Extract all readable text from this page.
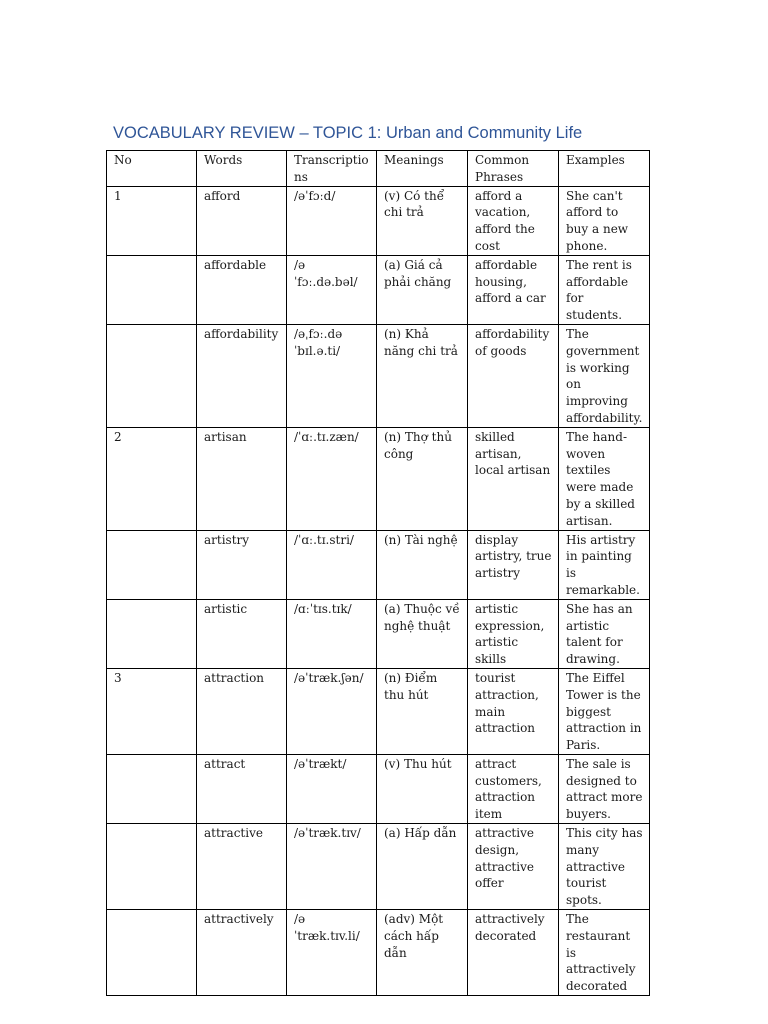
VOCABULARY REVIEW – TOPIC 1: Urban and Community Life
No	Words	Transcriptions	Meanings	Common Phrases	Examples
1	afford	/əˈfɔːd/	(v) Có thể chi trả	afford a vacation, afford the cost	She can't afford to buy a new phone.
	affordable	/ə ˈfɔː.də.bəl/	(a) Giá cả phải chăng	affordable housing, afford a car	The rent is affordable for students.
	affordability	/əˌfɔː.də ˈbɪl.ə.ti/	(n) Khả năng chi trả	affordability of goods	The government is working on improving affordability.
2	artisan	/ˈɑː.tɪ.zæn/	(n) Thợ thủ công	skilled artisan, local artisan	The hand-woven textiles were made by a skilled artisan.
	artistry	/ˈɑː.tɪ.stri/	(n) Tài nghệ	display artistry, true artistry	His artistry in painting is remarkable.
	artistic	/ɑːˈtɪs.tɪk/	(a) Thuộc về nghệ thuật	artistic expression, artistic skills	She has an artistic talent for drawing.
3	attraction	/əˈtræk.ʃən/	(n) Điểm thu hút	tourist attraction, main attraction	The Eiffel Tower is the biggest attraction in Paris.
	attract	/əˈtrækt/	(v) Thu hút	attract customers, attraction item	The sale is designed to attract more buyers.
	attractive	/əˈtræk.tɪv/	(a) Hấp dẫn	attractive design, attractive offer	This city has many attractive tourist spots.
	attractively	/ə ˈtræk.tɪv.li/	(adv) Một cách hấp dẫn	attractively decorated	The restaurant is attractively decorated
